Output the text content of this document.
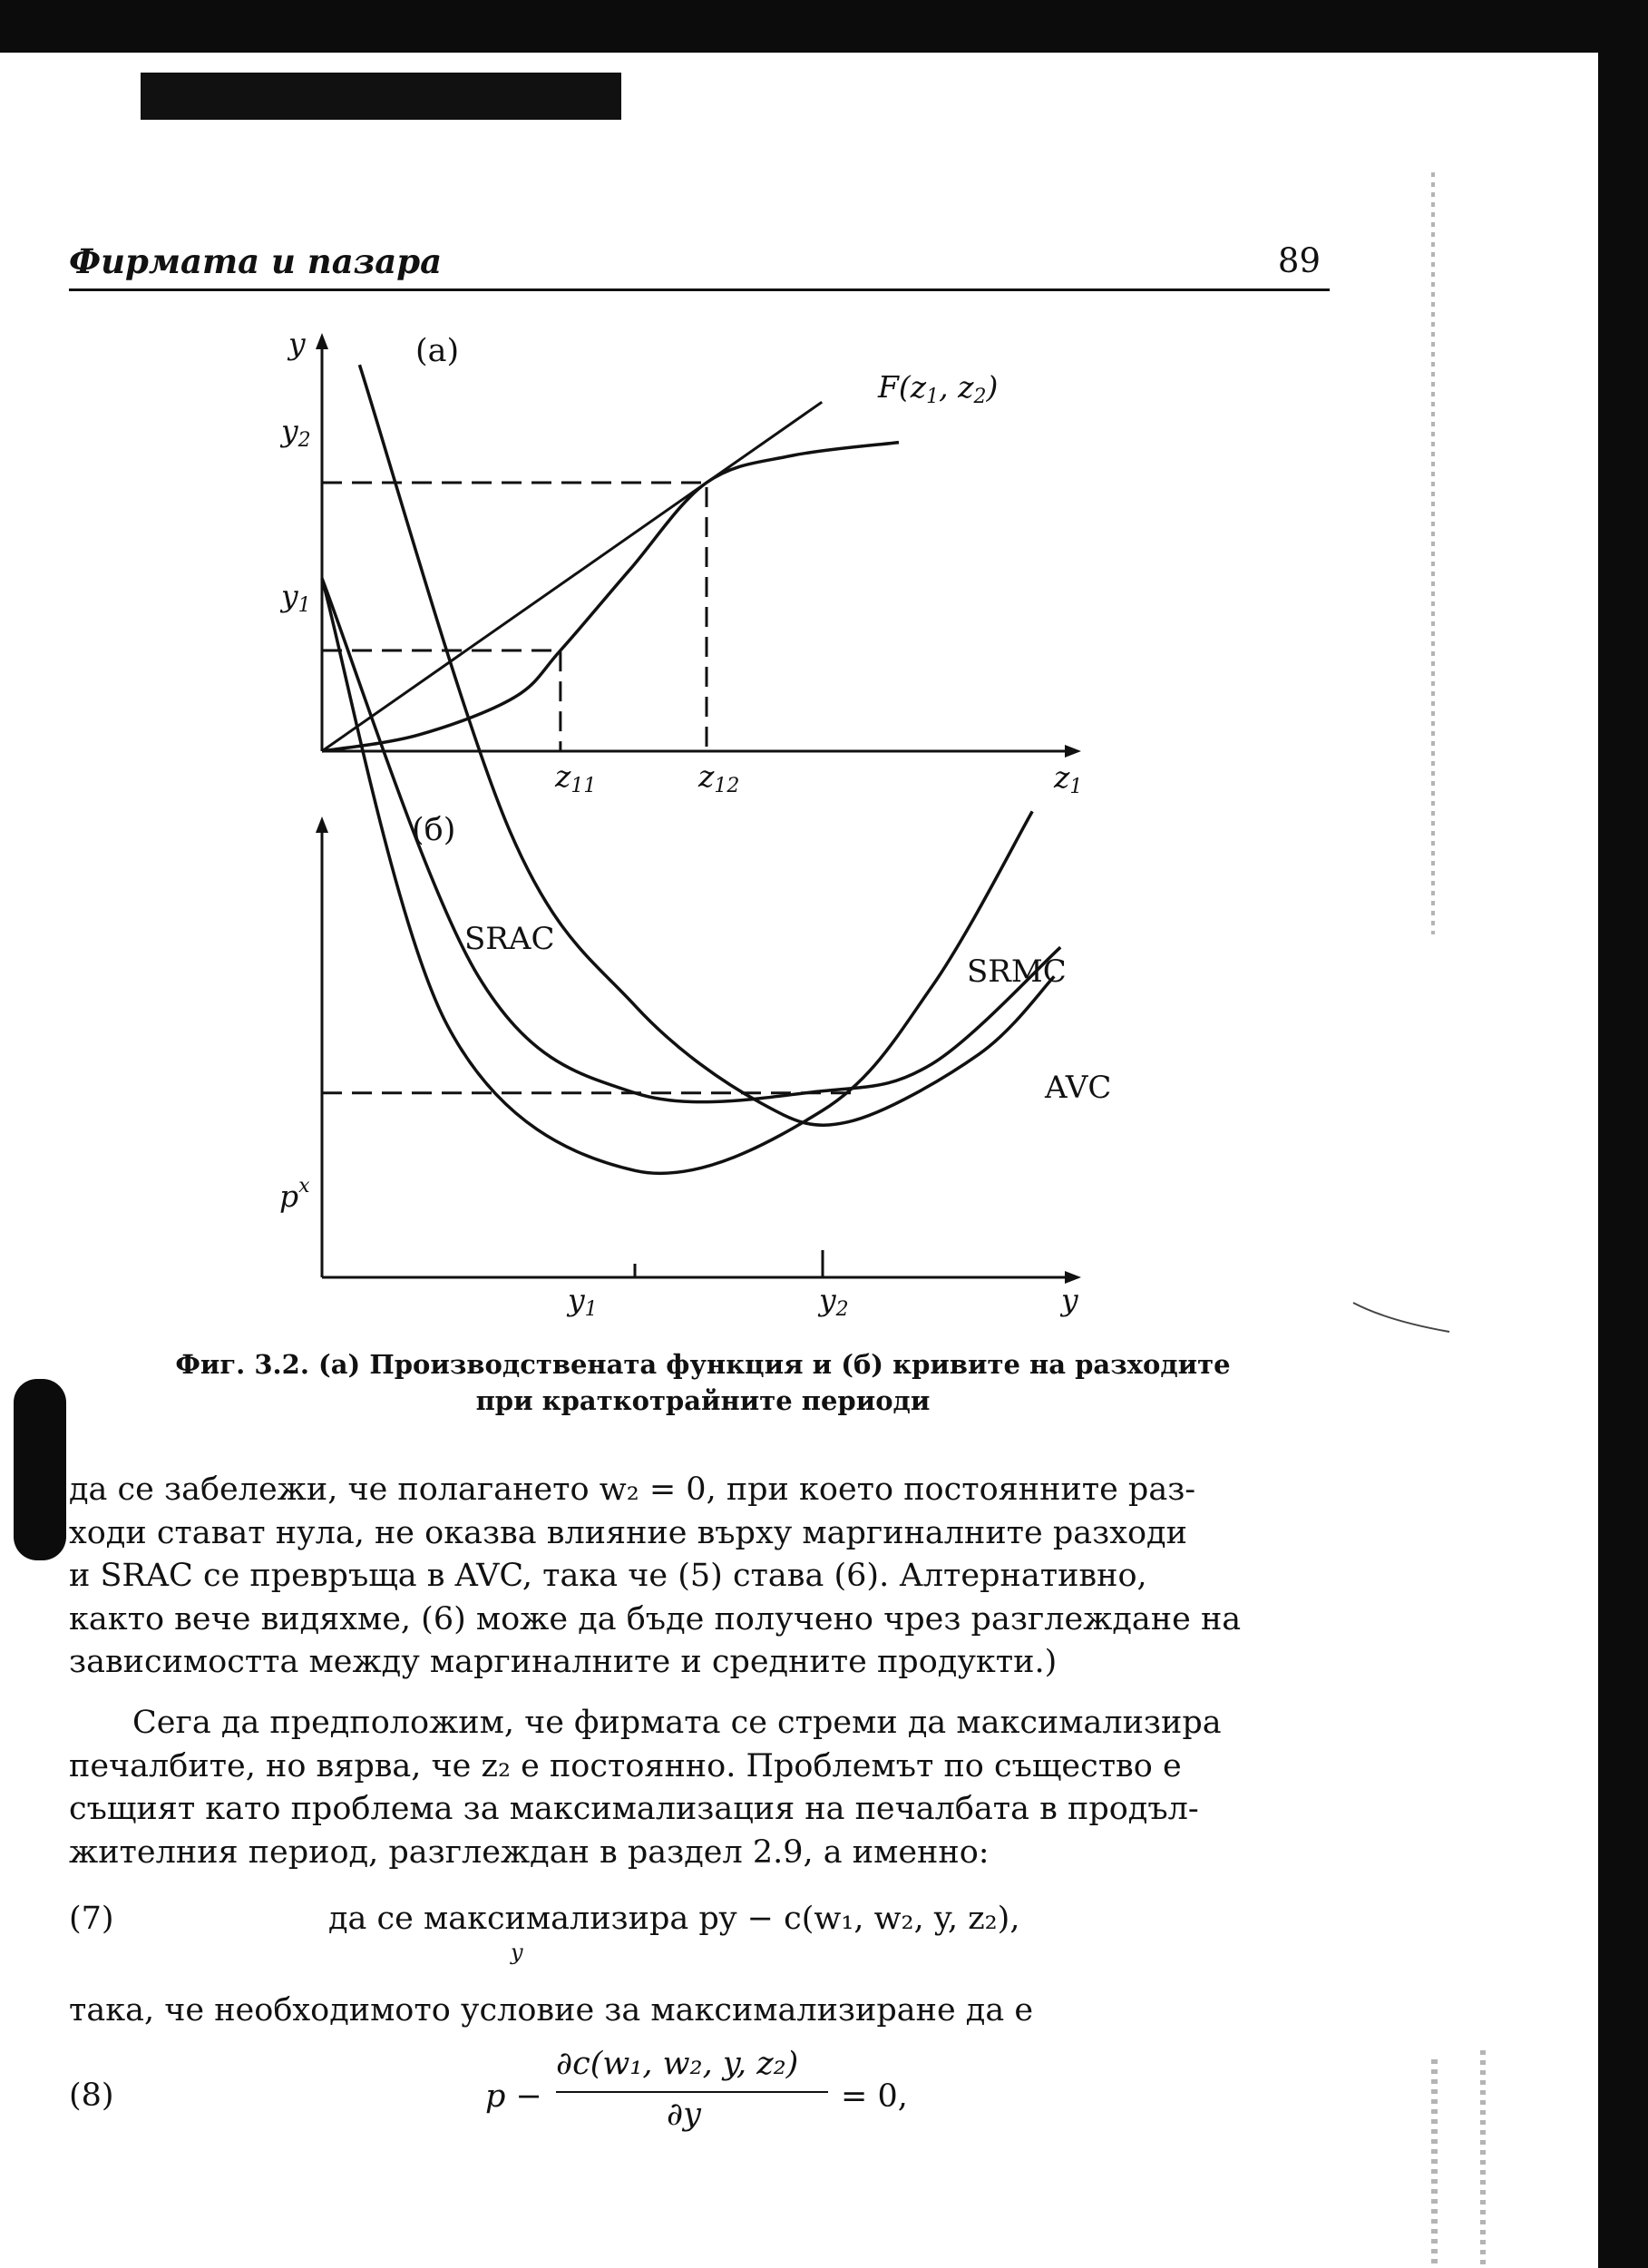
Фирмата и пазара	89
(а)
y
z1
y2
y1
z11	z12
F(z1, z2)
(б)
y
$p^x$
y1	y2
SRAC
SRMC
AVC
Фиг. 3.2. (а) Производствената функция и (б) кривите на разходите
при краткотрайните периоди

да се забележи, че полагането w₂ = 0, при което постоянните раз-
ходи стават нула, не оказва влияние върху маргиналните разходи
и SRAC се превръща в AVC, така че (5) става (6). Алтернативно,
както вече видяхме, (6) може да бъде получено чрез разглеждане на
зависимостта между маргиналните и средните продукти.)

Сега да предположим, че фирмата се стреми да максимализира
печалбите, но вярва, че z₂ е постоянно. Проблемът по същество е
същият като проблема за максимализация на печалбата в продъл-
жителния период, разглеждан в раздел 2.9, а именно:

(7)	да се максимализира py − c(w₁, w₂, y, z₂),
y
така, че необходимото условие за максимализиране да е
(8)	p −
∂c(w₁, w₂, y, z₂)
∂y	= 0,
